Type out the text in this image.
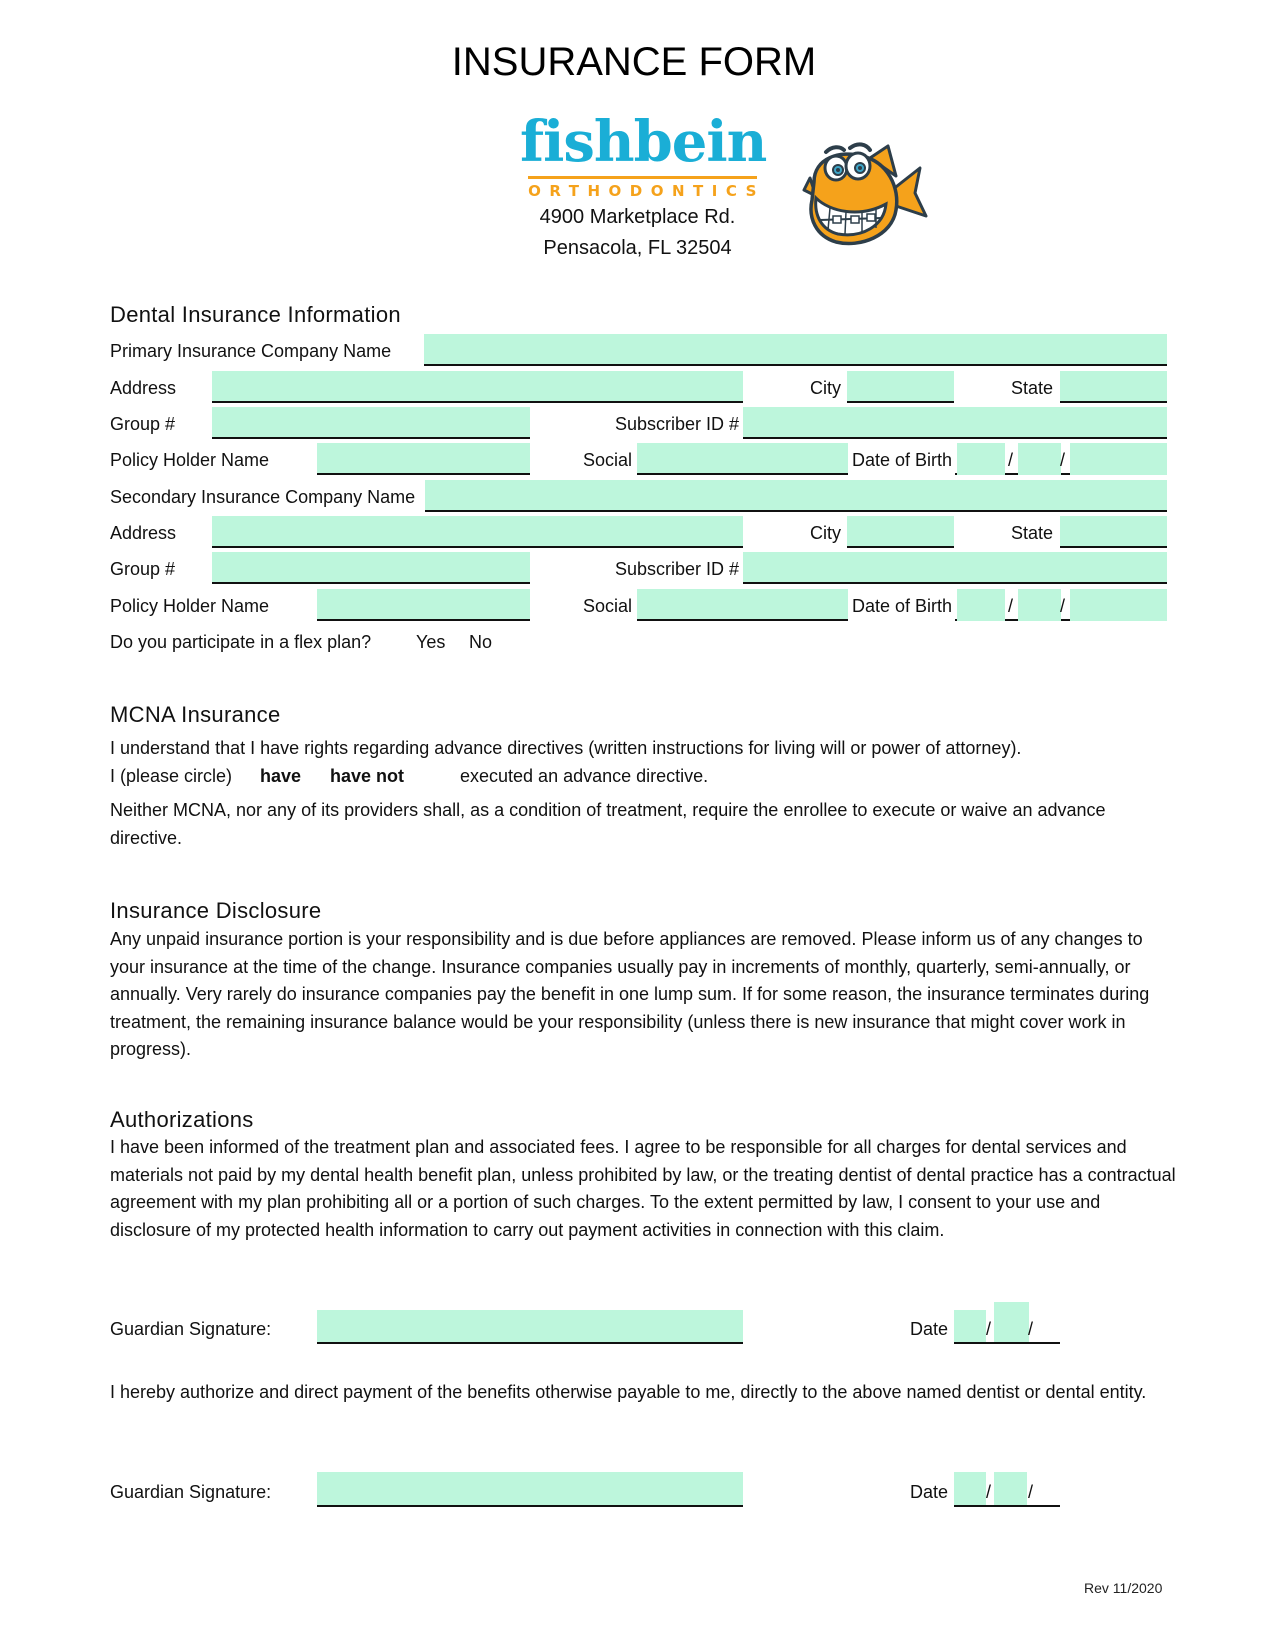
INSURANCE FORM
fishbein
ORTHODONTICS
4900 Marketplace Rd.
Pensacola, FL 32504
Dental Insurance Information
Primary Insurance Company Name
Address	City	State
Group #	Subscriber ID #
Policy Holder Name	Social	Date of Birth	/	/
Secondary Insurance Company Name
Address	City	State
Group #	Subscriber ID #
Policy Holder Name	Social	Date of Birth	/	/
Do you participate in a flex plan? Yes No
MCNA Insurance
I understand that I have rights regarding advance directives (written instructions for living will or power of attorney).
I (please circle) have have not	executed an advance directive.
Neither MCNA, nor any of its providers shall, as a condition of treatment, require the enrollee to execute or waive an advance directive.
Insurance Disclosure
Any unpaid insurance portion is your responsibility and is due before appliances are removed. Please inform us of any changes to your insurance at the time of the change. Insurance companies usually pay in increments of monthly, quarterly, semi-annually, or annually. Very rarely do insurance companies pay the benefit in one lump sum. If for some reason, the insurance terminates during treatment, the remaining insurance balance would be your responsibility (unless there is new insurance that might cover work in progress).
Authorizations
I have been informed of the treatment plan and associated fees. I agree to be responsible for all charges for dental services and materials not paid by my dental health benefit plan, unless prohibited by law, or the treating dentist of dental practice has a contractual agreement with my plan prohibiting all or a portion of such charges. To the extent permitted by law, I consent to your use and disclosure of my protected health information to carry out payment activities in connection with this claim.
Guardian Signature:	Date / /
I hereby authorize and direct payment of the benefits otherwise payable to me, directly to the above named dentist or dental entity.
Guardian Signature:	Date / /
Rev 11/2020
